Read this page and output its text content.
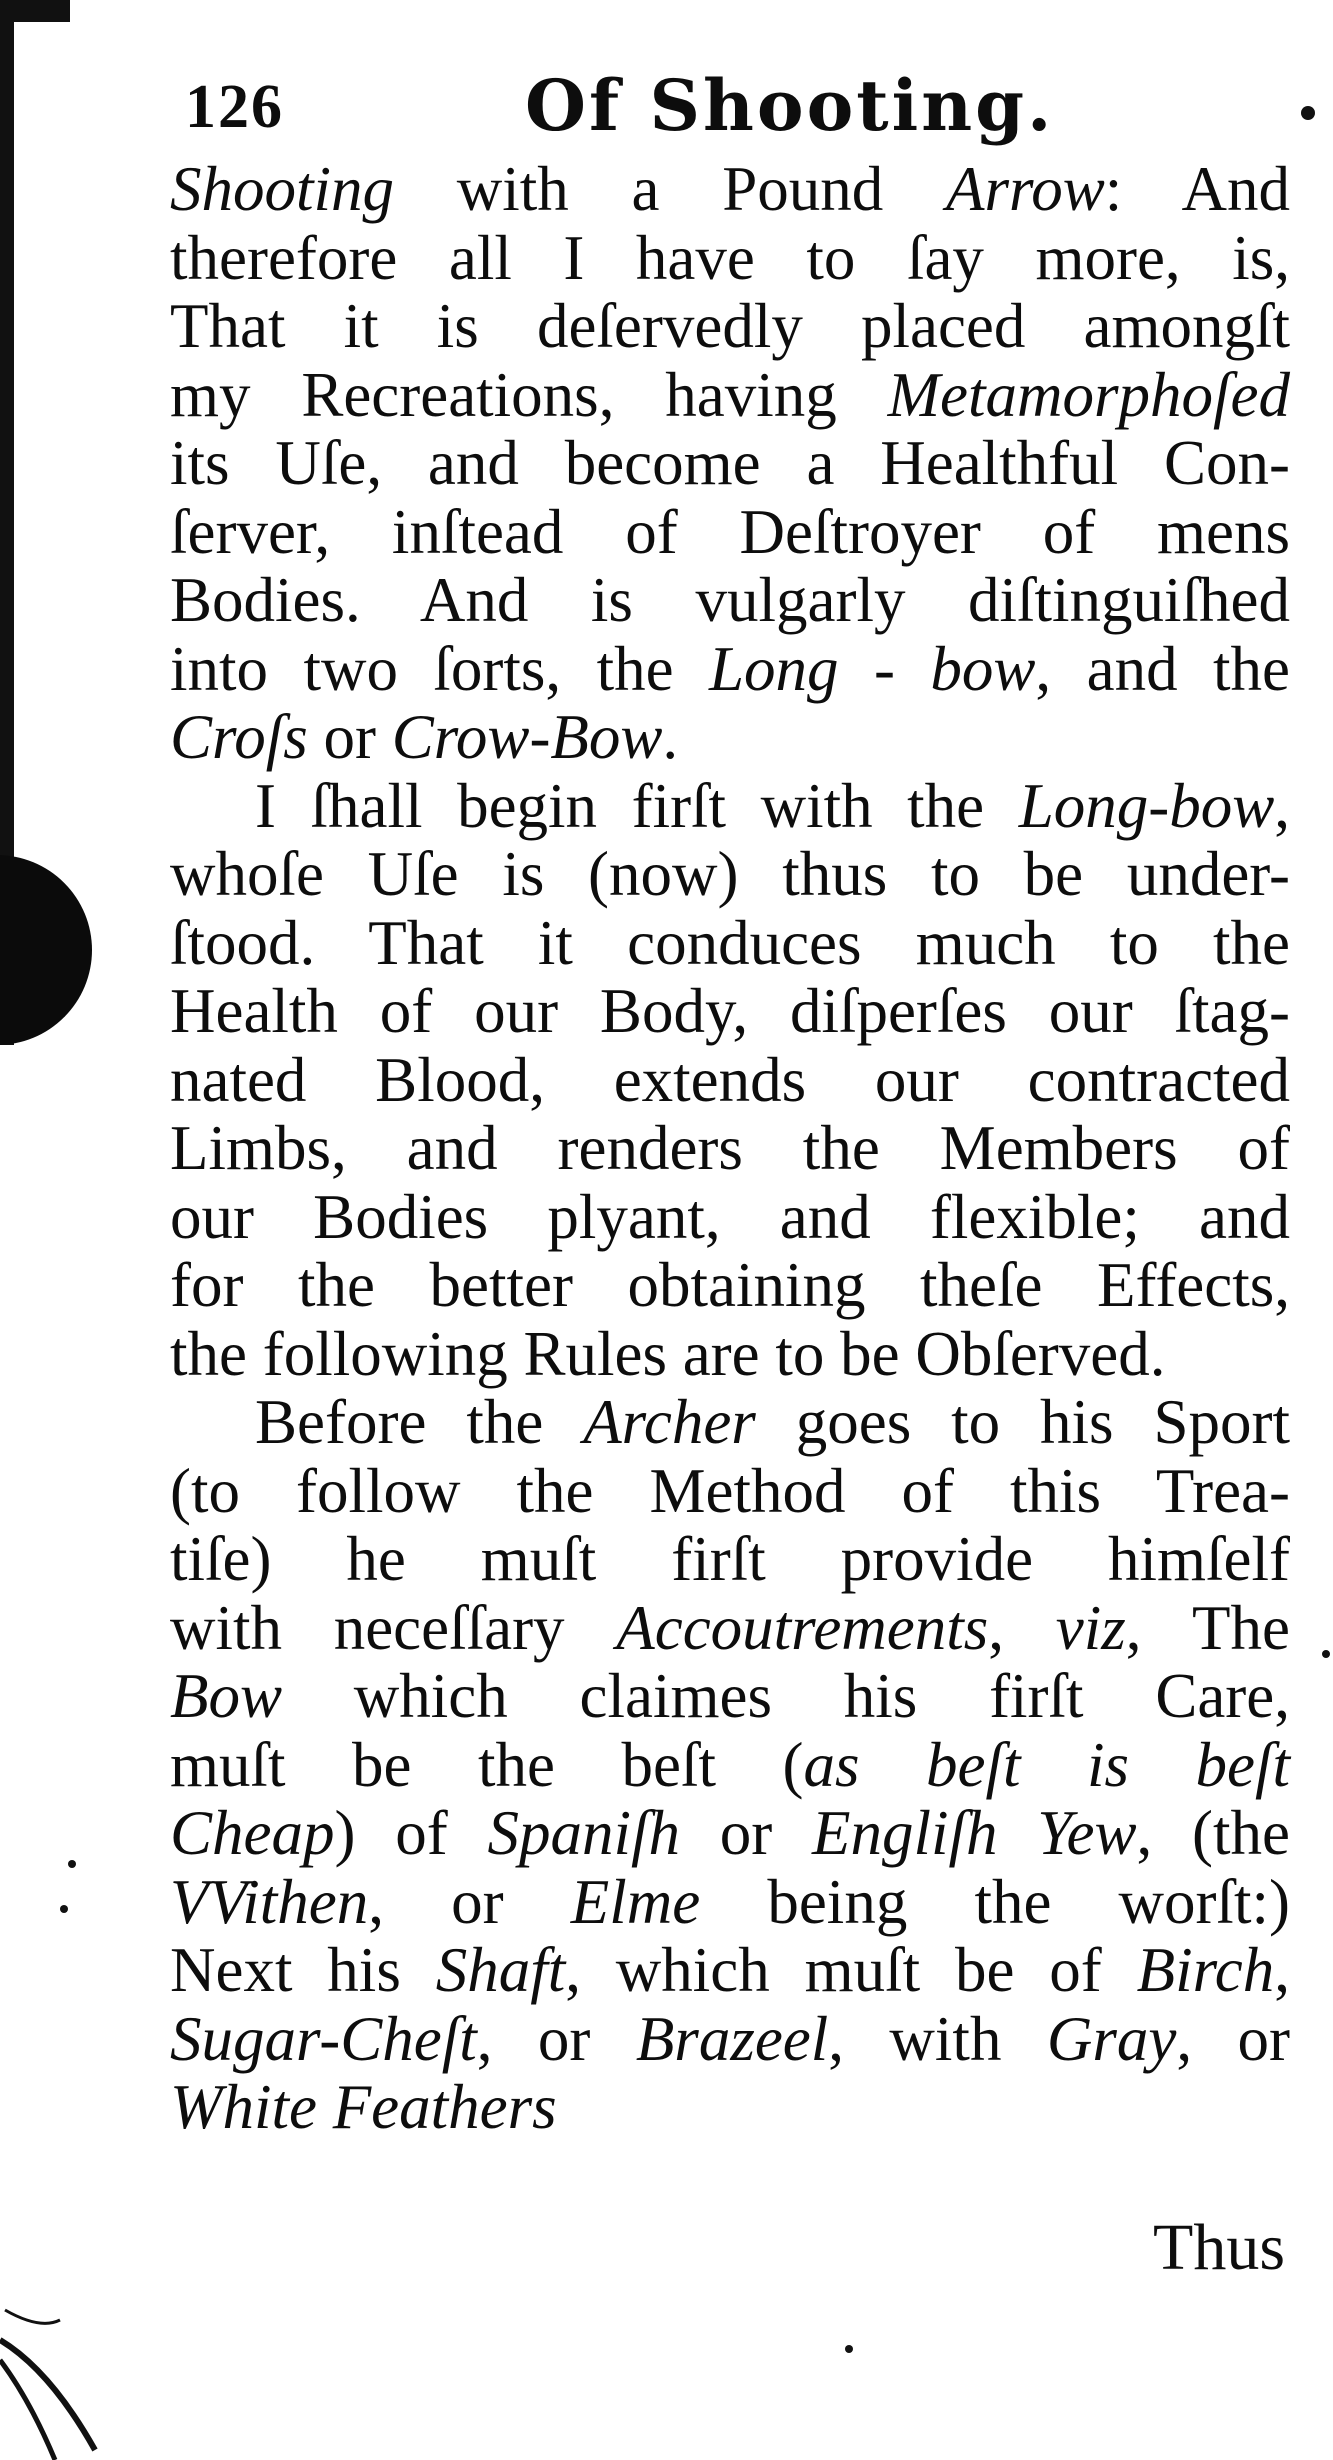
126	Of Shooting.
Shooting with a Pound Arrow: And
therefore all I have to ſay more, is,
That it is deſervedly placed amongſt
my Recreations, having Metamorphoſed
its Uſe, and become a Healthful Con-
ſerver, inſtead of Deſtroyer of mens
Bodies. And is vulgarly diſtinguiſhed
into two ſorts, the Long - bow, and the
Croſs or Crow-Bow.
I ſhall begin firſt with the Long-bow,
whoſe Uſe is (now) thus to be under-
ſtood. That it conduces much to the
Health of our Body, diſperſes our ſtag-
nated Blood, extends our contracted
Limbs, and renders the Members of
our Bodies plyant, and flexible; and
for the better obtaining theſe Effects,
the following Rules are to be Obſerved.
Before the Archer goes to his Sport
(to follow the Method of this Trea-
tiſe) he muſt firſt provide himſelf
with neceſſary Accoutrements, viz, The
Bow which claimes his firſt Care,
muſt be the beſt (as beſt is beſt
Cheap) of Spaniſh or Engliſh Yew, (the
VVithen, or Elme being the worſt:)
Next his Shaft, which muſt be of Birch,
Sugar-Cheſt, or Brazeel, with Gray, or
White Feathers
Thus
